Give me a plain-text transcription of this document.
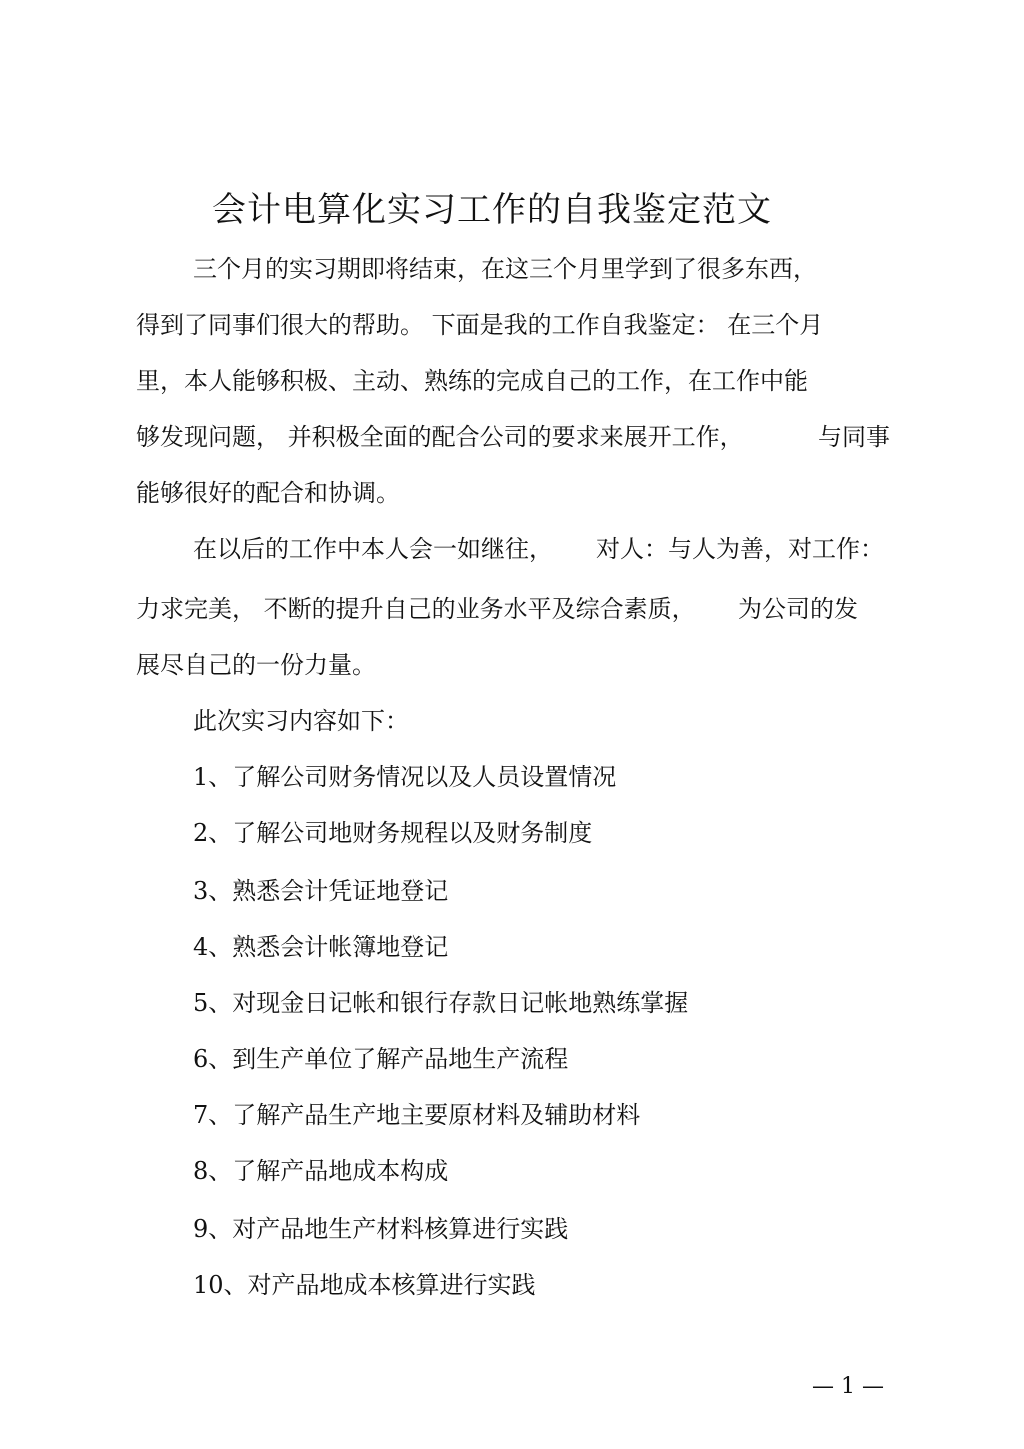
会计电算化实习工作的自我鉴定范文
三个月的实习期即将结束，在这三个月里学到了很多东西，
得到了同事们很大的帮助。 下面是我的工作自我鉴定： 在三个月
里，本人能够积极、主动、熟练的完成自己的工作，在工作中能
够发现问题， 并积极全面的配合公司的要求来展开工作，	与同事
能够很好的配合和协调。
在以后的工作中本人会一如继往，	对人：与人为善，对工作：
力求完美， 不断的提升自己的业务水平及综合素质，	为公司的发
展尽自己的一份力量。
此次实习内容如下：
1、了解公司财务情况以及人员设置情况
2、了解公司地财务规程以及财务制度
3、熟悉会计凭证地登记
4、熟悉会计帐簿地登记
5、对现金日记帐和银行存款日记帐地熟练掌握
6、到生产单位了解产品地生产流程
7、了解产品生产地主要原材料及辅助材料
8、了解产品地成本构成
9、对产品地生产材料核算进行实践
10、对产品地成本核算进行实践
— 1 —
